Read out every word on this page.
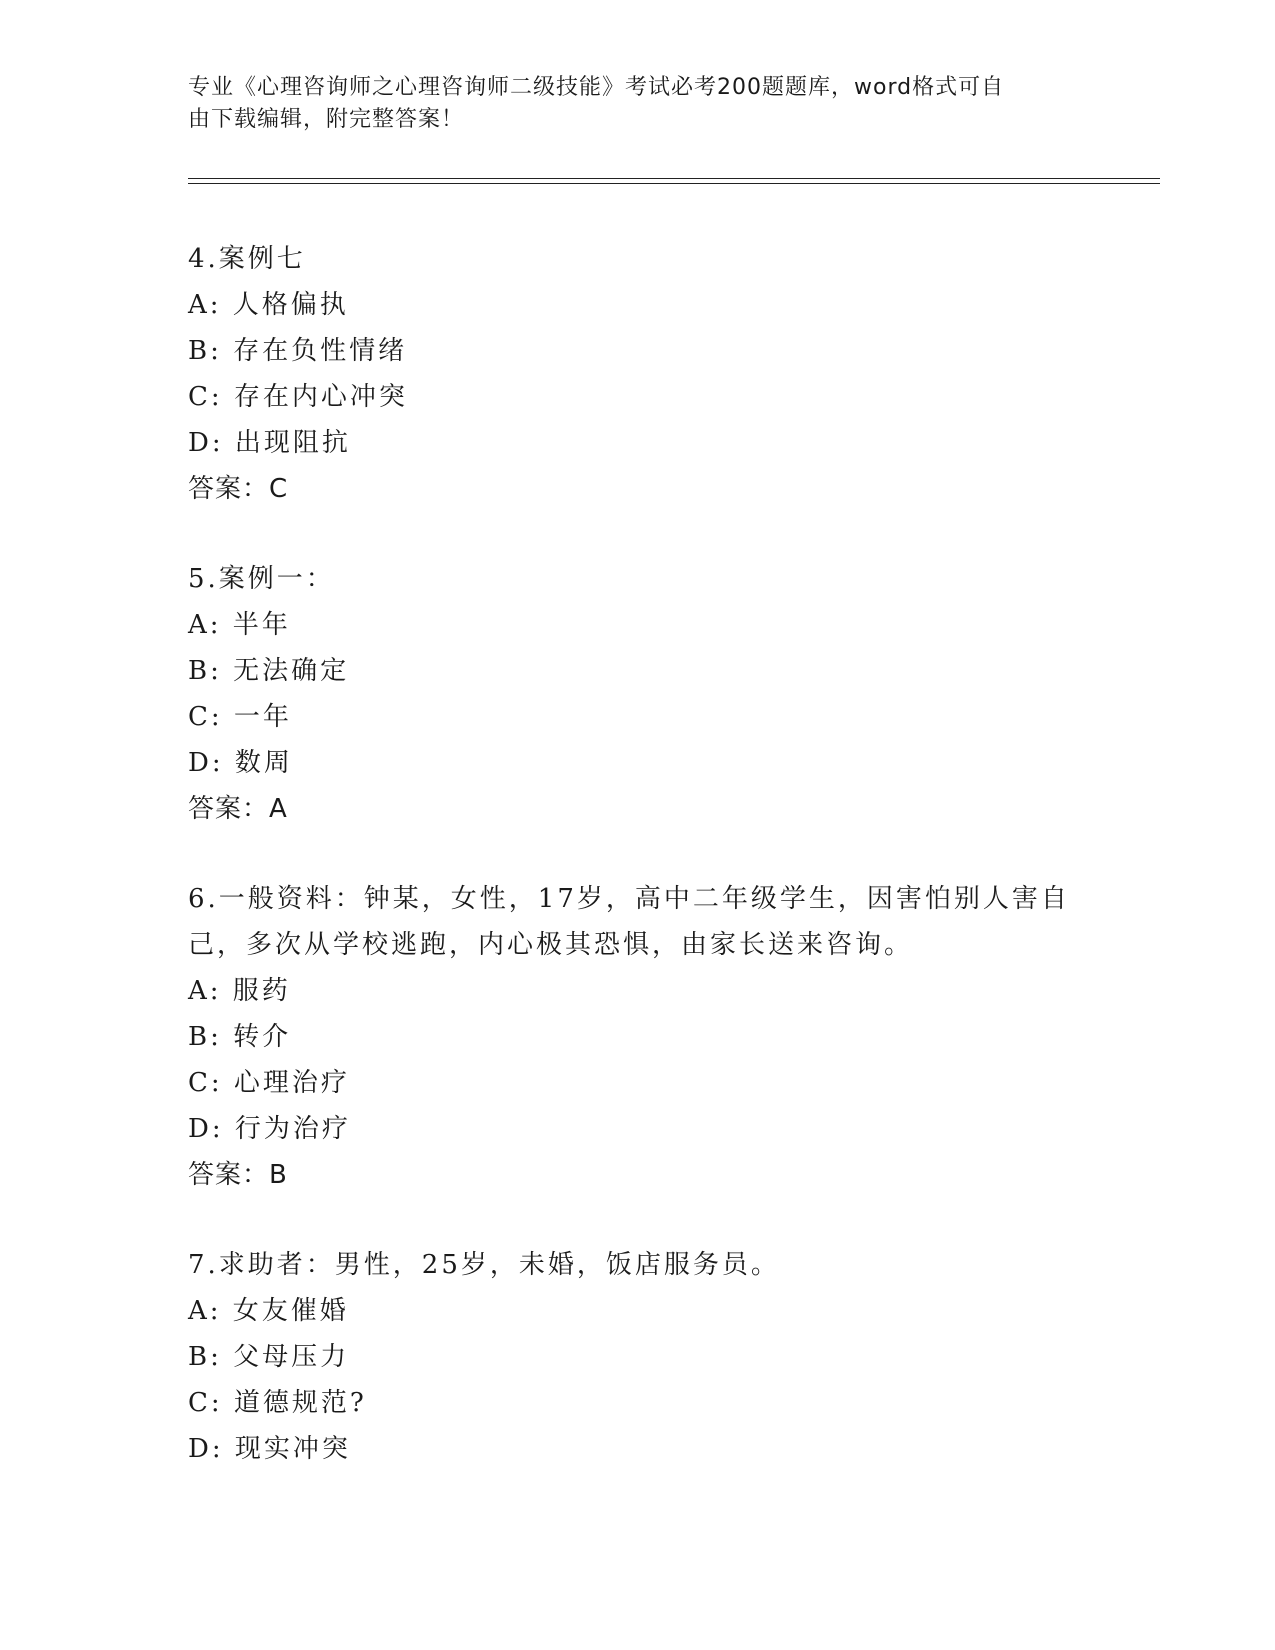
专业《心理咨询师之心理咨询师二级技能》考试必考200题题库，word格式可自
由下载编辑，附完整答案！
4.案例七
A: 人格偏执
B: 存在负性情绪
C: 存在内心冲突
D: 出现阻抗
答案：C
5.案例一：
A: 半年
B: 无法确定
C: 一年
D: 数周
答案：A
6.一般资料：钟某，女性，17岁，高中二年级学生，因害怕别人害自
己，多次从学校逃跑，内心极其恐惧，由家长送来咨询。
A: 服药
B: 转介
C: 心理治疗
D: 行为治疗
答案：B
7.求助者：男性，25岁，未婚，饭店服务员。
A: 女友催婚
B: 父母压力
C: 道德规范?
D: 现实冲突
